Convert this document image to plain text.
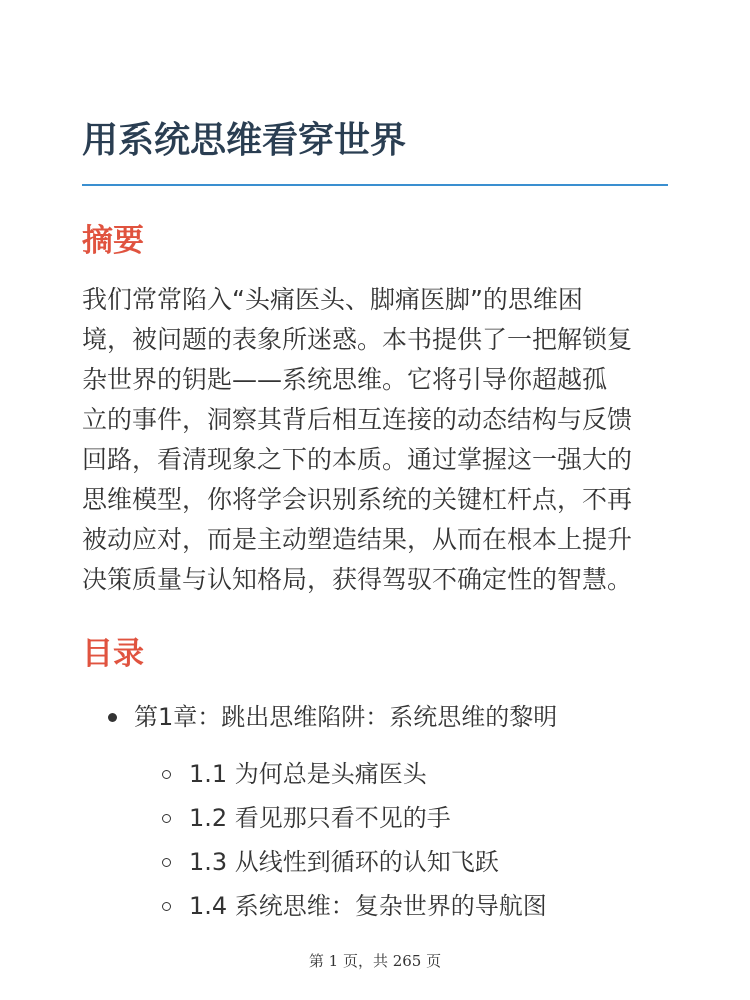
用系统思维看穿世界
摘要
我们常常陷入“头痛医头、脚痛医脚”的思维困
境，被问题的表象所迷惑。本书提供了一把解锁复
杂世界的钥匙——系统思维。它将引导你超越孤
立的事件，洞察其背后相互连接的动态结构与反馈
回路，看清现象之下的本质。通过掌握这一强大的
思维模型，你将学会识别系统的关键杠杆点，不再
被动应对，而是主动塑造结果，从而在根本上提升
决策质量与认知格局，获得驾驭不确定性的智慧。
目录
第1章：跳出思维陷阱：系统思维的黎明
1.1 为何总是头痛医头
1.2 看见那只看不见的手
1.3 从线性到循环的认知飞跃
1.4 系统思维：复杂世界的导航图
第 1 页，共 265 页
